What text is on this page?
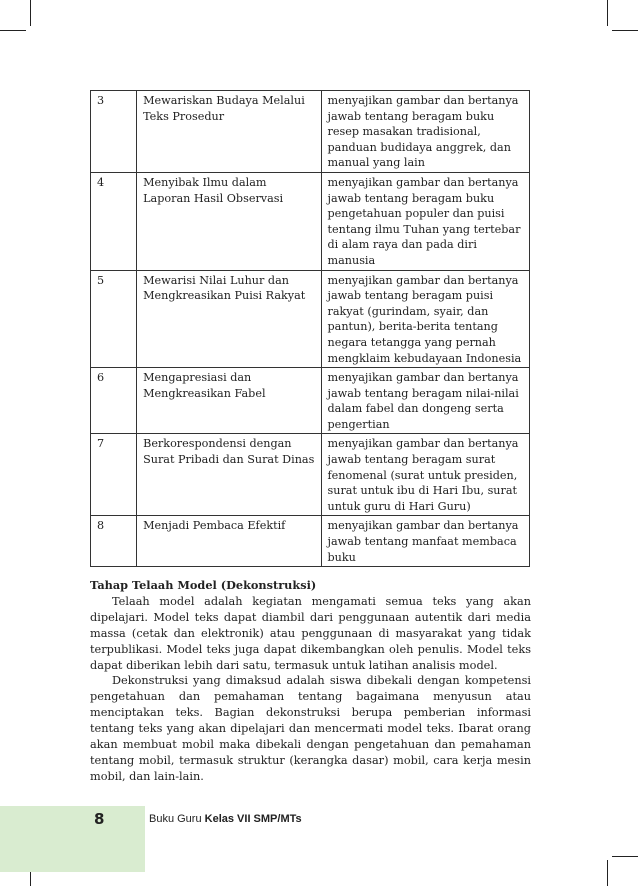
3	Mewariskan Budaya Melalui Teks Prosedur	menyajikan gambar dan bertanya jawab tentang beragam buku resep masakan tradisional, panduan budidaya anggrek, dan manual yang lain
4	Menyibak Ilmu dalam Laporan Hasil Observasi	menyajikan gambar dan bertanya jawab tentang beragam buku pengetahuan populer dan puisi tentang ilmu Tuhan yang tertebar di alam raya dan pada diri manusia
5	Mewarisi Nilai Luhur dan Mengkreasikan Puisi Rakyat	menyajikan gambar dan bertanya jawab tentang beragam puisi rakyat (gurindam, syair, dan pantun), berita-berita tentang negara tetangga yang pernah mengklaim kebudayaan Indonesia
6	Mengapresiasi dan Mengkreasikan Fabel	menyajikan gambar dan bertanya jawab tentang beragam nilai-nilai dalam fabel dan dongeng serta pengertian
7	Berkorespondensi dengan Surat Pribadi dan Surat Dinas	menyajikan gambar dan bertanya jawab tentang beragam surat fenomenal (surat untuk presiden, surat untuk ibu di Hari Ibu, surat untuk guru di Hari Guru)
8	Menjadi Pembaca Efektif	menyajikan gambar dan bertanya jawab tentang manfaat membaca buku

Tahap Telaah Model (Dekonstruksi)

Telaah model adalah kegiatan mengamati semua teks yang akan dipelajari. Model teks dapat diambil dari penggunaan autentik dari media massa (cetak dan elektronik) atau penggunaan di masyarakat yang tidak terpublikasi. Model teks juga dapat dikembangkan oleh penulis. Model teks dapat diberikan lebih dari satu, termasuk untuk latihan analisis model.

Dekonstruksi yang dimaksud adalah siswa dibekali dengan kompetensi pengetahuan dan pemahaman tentang bagaimana menyusun atau menciptakan teks. Bagian dekonstruksi berupa pemberian informasi tentang teks yang akan dipelajari dan mencermati model teks. Ibarat orang akan membuat mobil maka dibekali dengan pengetahuan dan pemahaman tentang mobil, termasuk struktur (kerangka dasar) mobil, cara kerja mesin mobil, dan lain-lain.

8	Buku Guru Kelas VII SMP/MTs
